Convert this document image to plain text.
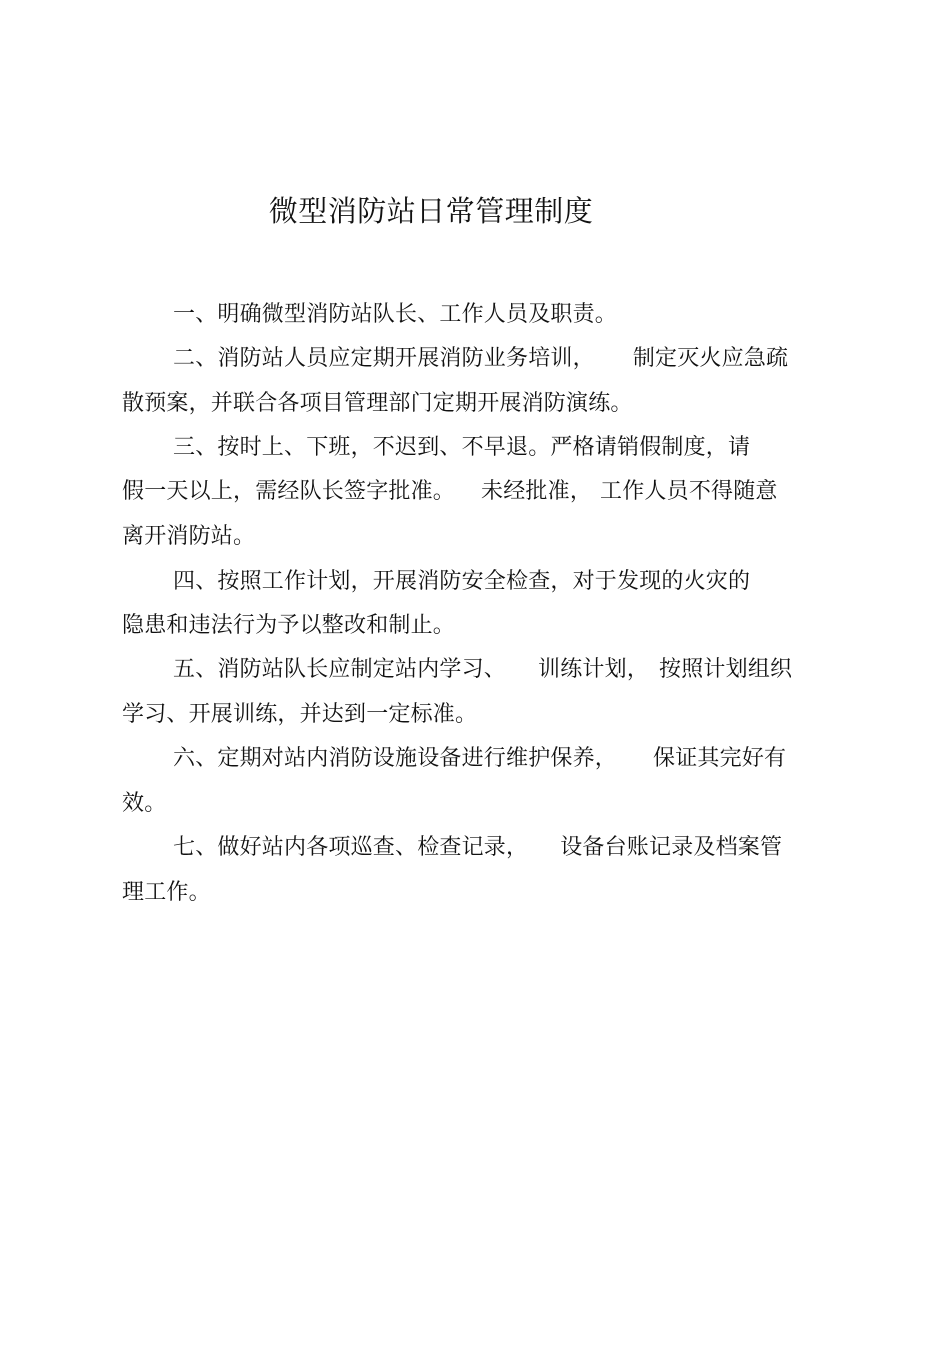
微型消防站日常管理制度
一、明确微型消防站队长、工作人员及职责。
二、消防站人员应定期开展消防业务培训， 制定灭火应急疏
散预案，并联合各项目管理部门定期开展消防演练。
三、按时上、下班，不迟到、不早退。严格请销假制度，请
假一天以上，需经队长签字批准。 未经批准， 工作人员不得随意
离开消防站。
四、按照工作计划，开展消防安全检查，对于发现的火灾的
隐患和违法行为予以整改和制止。
五、消防站队长应制定站内学习、 训练计划， 按照计划组织
学习、开展训练，并达到一定标准。
六、定期对站内消防设施设备进行维护保养， 保证其完好有
效。
七、做好站内各项巡查、检查记录， 设备台账记录及档案管
理工作。
